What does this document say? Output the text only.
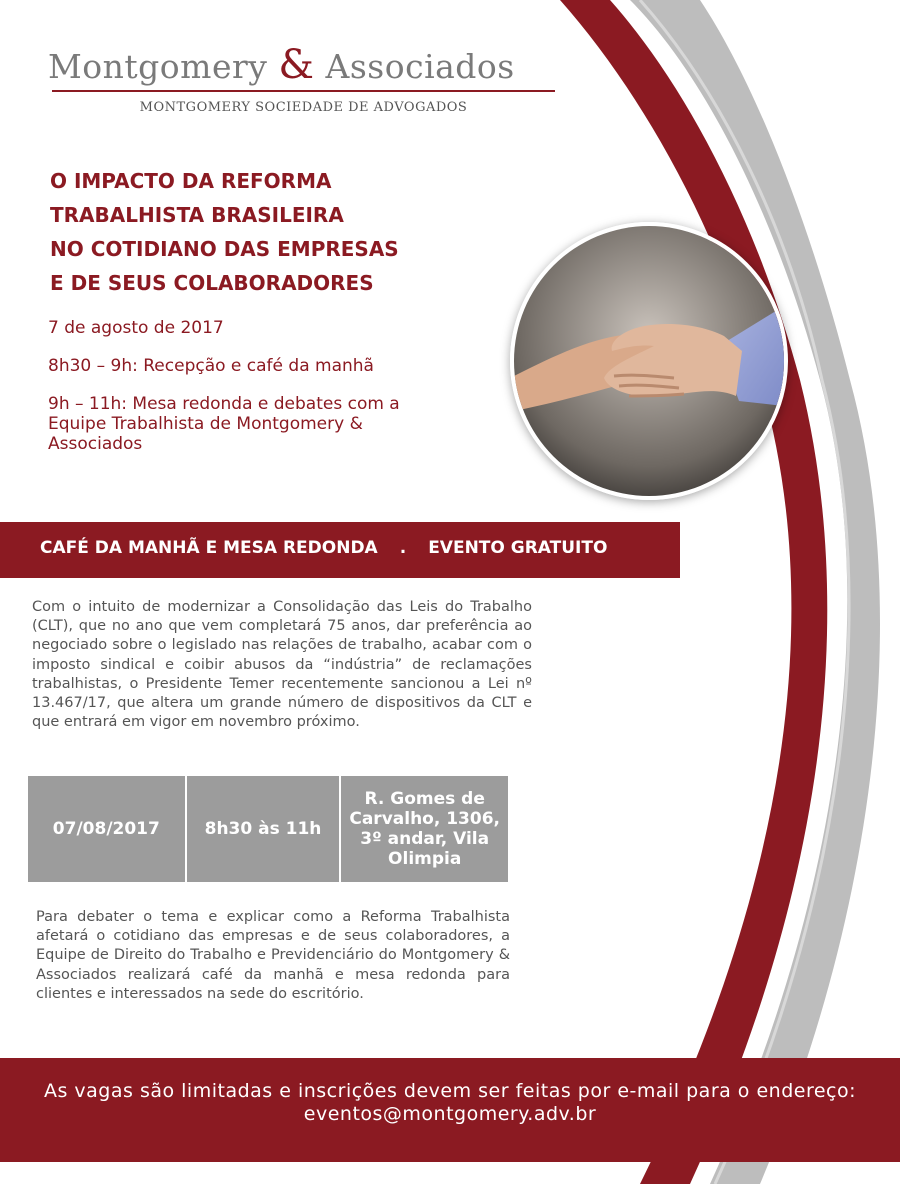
Montgomery & Associados
MONTGOMERY SOCIEDADE DE ADVOGADOS
O IMPACTO DA REFORMA
TRABALHISTA BRASILEIRA
NO COTIDIANO DAS EMPRESAS
E DE SEUS COLABORADORES

7 de agosto de 2017

8h30 – 9h: Recepção e café da manhã

9h – 11h: Mesa redonda e debates com a Equipe Trabalhista de Montgomery & Associados

CAFÉ DA MANHÃ E MESA REDONDA . EVENTO GRATUITO
Com o intuito de modernizar a Consolidação das Leis do Trabalho (CLT), que no ano que vem completará 75 anos, dar preferência ao negociado sobre o legislado nas relações de trabalho, acabar com o imposto sindical e coibir abusos da “indústria” de reclamações trabalhistas, o Presidente Temer recentemente sancionou a Lei nº 13.467/17, que altera um grande número de dispositivos da CLT e que entrará em vigor em novembro próximo.
07/08/2017	8h30 às 11h
R. Gomes de Carvalho, 1306, 3º andar, Vila Olimpia
Para debater o tema e explicar como a Reforma Trabalhista afetará o cotidiano das empresas e de seus colaboradores, a Equipe de Direito do Trabalho e Previdenciário do Montgomery & Associados realizará café da manhã e mesa redonda para clientes e interessados na sede do escritório.
As vagas são limitadas e inscrições devem ser feitas por e-mail para o endereço: eventos@montgomery.adv.br
